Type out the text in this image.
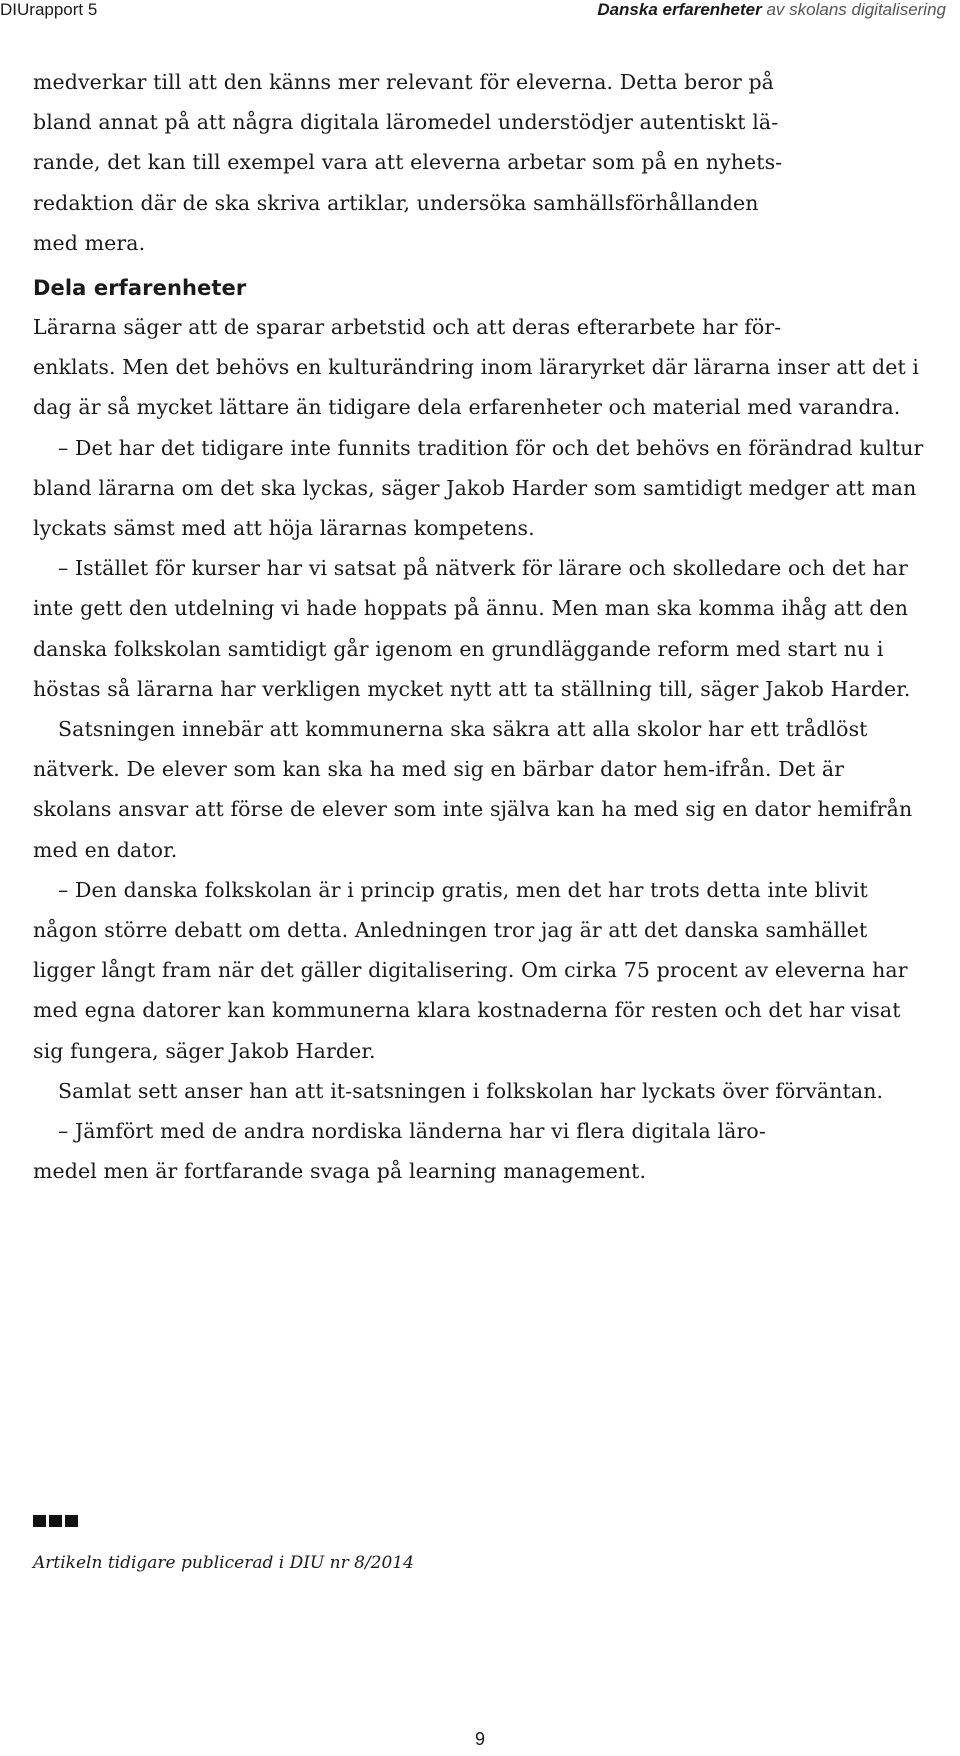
DIUrapport 5	Danska erfarenheter av skolans digitalisering

medverkar till att den känns mer relevant för eleverna. Detta beror på
bland annat på att några digitala läromedel understödjer autentiskt lä-
rande, det kan till exempel vara att eleverna arbetar som på en nyhets-
redaktion där de ska skriva artiklar, undersöka samhällsförhållanden
med mera.

Dela erfarenheter

Lärarna säger att de sparar arbetstid och att deras efterarbete har för-
enklats. Men det behövs en kulturändring inom läraryrket där lärarna inser att det i dag är så mycket lättare än tidigare dela erfarenheter och material med varandra.

– Det har det tidigare inte funnits tradition för och det behövs en förändrad kultur bland lärarna om det ska lyckas, säger Jakob Harder som samtidigt medger att man lyckats sämst med att höja lärarnas kompetens.

– Istället för kurser har vi satsat på nätverk för lärare och skolledare och det har inte gett den utdelning vi hade hoppats på ännu. Men man ska komma ihåg att den danska folkskolan samtidigt går igenom en grundläggande reform med start nu i höstas så lärarna har verkligen mycket nytt att ta ställning till, säger Jakob Harder.

Satsningen innebär att kommunerna ska säkra att alla skolor har ett trådlöst nätverk. De elever som kan ska ha med sig en bärbar dator hem-ifrån. Det är skolans ansvar att förse de elever som inte själva kan ha med sig en dator hemifrån med en dator.

– Den danska folkskolan är i princip gratis, men det har trots detta inte blivit någon större debatt om detta. Anledningen tror jag är att det danska samhället ligger långt fram när det gäller digitalisering. Om cirka 75 procent av eleverna har med egna datorer kan kommunerna klara kostnaderna för resten och det har visat sig fungera, säger Jakob Harder.

Samlat sett anser han att it-satsningen i folkskolan har lyckats över förväntan.

– Jämfört med de andra nordiska länderna har vi flera digitala läro-
medel men är fortfarande svaga på learning management.

Artikeln tidigare publicerad i DIU nr 8/2014
9
